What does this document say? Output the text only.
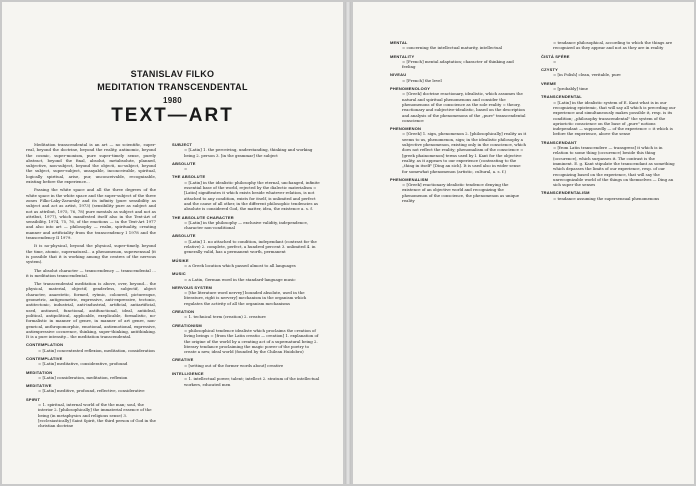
STANISLAV FILKO
MEDITATION TRANSCENDENTAL
1980
TEXT—ART

Meditation transcendental is an art — no scientific, super-real, beyond the doctrine, beyond the reality, antinomic, beyond the cosmic, super-monism, pure super-timely sense, purely abstract, beyond the final, absolut, metabsolute, planned, subjective, non-subject, beyond the objecti, no-subject, beyond the subject, super-subject, unsayable, inconceivable, spiritual, logically spiritual, arise, pur, unconceivable, recognizable, existing before the experience...

Passing the white space and all the three degrees of the white space in the white space and the super-subject of the three zones Filko-Laky-Zavarský and its infinity (pure sensibility as subject and act as artist, 1973) (sensibility pure as subject and not as attribut, 1975, 76, 78) pure mentals as subject and not as attribut, 1977), which manifested itself also in the Text-Art of sensibility, 1974, 75, 76, of the emotions — in the Text-Art 1977 and also into art — philosophy — realm, spirituality, creating manner and artificiality from the transcendency I 1978 and the transcendency II 1979.

It is no-physical, beyond the physical, super-timely, beyond the time, atomic, supernatural... a phenomenon, supersensual (it is possible that it is working among the centres of the nervous system).

The absolut character — transcendency — transcendental ... it is meditation transcendental.

The transcendental meditation is above, over, beyond... the physical, material, objectif, genderless, subjectif, abject character, anaestetic, formed, rytmic, coloured, picturesque, geometric, antigeometric, expressive, anti-expressive, tectonic, antitectonic, industrial, anti-industrial, artificial, antiartificial, used, antiused, functional, antifunctional, ideal, antiideal, political, antipolitical, applicable, exeplicable, formalistic, no-formalistic in manner of genre, in manner of art genre, non-genrical, anthropomorphic, emotional, antiemotional, expressive, antiexpressive occurence, thinking, super-thinking, antithinking. It is a pure intensity... the meditation transcendental.

CONTEMPLATION
= [Latin] concentrated reflexion, meditation, consideration
CONTEMPLATIVE
= [Latin] meditative, considerative, profound
MEDITATION
= [Latin] consideration, meditation, reflexion
MEDITATIVE
= [Latin] meditive, profound, reflective, considerative
SPIRIT
= 1. spiritual, internal world of the the man; soul, the interior 2. [philosophically] the immaterial essence of the being (in metaphysics and religious sense) 3. [ecclesiastically] Saint Spirit, the third person of God in the christian doctrine
SUBJECT
= [Latin] 1. the perceiving, understanding, thinking and working being 2. person 3. [in the grammar] the subject
ABSOLUTE
=
THE ABSOLUTE
= [Latin] in the idealistic philosophy the eternal, unchanged, infinite essential base of the world, rejected by the dialectic materialism = [Latin] signifieates it which exists beside whatever relation, is not attached to any condition, exists for itself, is unlimited and perfect and the cause of all other, in the different philosophic tendencies as absolute is considered God, the matter, idea, the existence a. s. f.
THE ABSOLUTE CHARACTER
= [Latin] in the philosophy — exclusive validity, independence, character non-conditional
ABSOLUTE
= [Latin] 1. no attached to condition, independant (contrast for the relative) 2. complete, perfect, a hundred percent 3. unlimited 4. in generally valid, has a permanent worth, permanent
MÚSIKE
= a Greek location which passed almost to all languages
MUSIC
= a Latin, German word in the standard-language music
NERVOUS SYSTEM
= [the literature word nervey] bounded absolute, used in the literature, right is nervery] mechanism in the organism which regulates the activity of all the organism mechanisms
CREATION
= 1. technical term (creation) 2. creature
CREATIONISM
= philosophical tendence idealiste which proclaims the creation of living beings = [from the Latin creatio — creation] 1. explanation of the origine of the world by a creating act of a supernatural being 2. literary tendance proclaiming the magic power of the poetry to create a new, ideal world (founded by the Chilean Huidobro)
CREATIVE
= [setting out of the former words about] creative
INTELLIGENCE
= 1. intellectual power, talent; intellect 2. stratum of the intellectual workers, educated men
MENTAL
= concerning the intellectual maturity, intellectual
MENTALITY
= [French] mental adaptation; character of thinking and feeling
NIVEAU
= [French] the level
PHENOMENOLOGY
= [Greek] doctrine reactionary, idealistic, which assumes the natural and spiritual phenomenons and consider the phenomenons of the conscience as the sole reality = theory, reactionary and subjective-idealistic, based on the description and analysis of the phenomenons of the „pure" transcendental conscience
PHENOMENON
= [Greek] 1. sign, phenomenon 2. [philosophically] reality as it seems to us, phenomenon, sign; in the idealistic philosophy a subjective phenomenon, existing only in the conscience, which does not reflect the reality; phenomalism of the conscience = [greek phainomenon] terms used by I. Kant for the objective reality, as it appears to our experience (contrasting to the „thing in itself" [Ding an sich]. It is used also in wider sense for somewhat phenomenon (artistic, cultural, a. s. f.)
PHENOMENALISM
= [Greek] reactionary idealistic tendence denying the existence of an objective world and recognizing the phenomenon of the conscience, the phenomenon as unique reality
= tendance philosophical, according to which the things are recognized as they appear and not as they are in reality
ČISTÁ SFÉRE
=
CZYSTY
= [in Polish] clean, veritable, pure
VREME
= [probably] time
TRANSCENDENTAL
= [Latin] in the idealistic system of E. Kant what is in our recognizing epistemic, that will say all which is preceding our experience and simultaneously makes possible it, resp. is its condition; „philosophy transcendental" the system of the apriorictic conscience on the base of „pure" notions independant — supposedly — of the experience = it which is before the experience, above the sense
TRANSCENDANT
= [from Latin transcendere — transgress] it which is in relation to some thing (occurence) beside this thing (occurence), which surpasses it. The contrast is the imminent. E. g. Kant stipulate the transcendant as something which depasses the limits of our experience, resp. of our recognizing based on the experience, that will say the unrecognizable world of the things on themselves — Ding an sich super the senses
TRANSCENDENTALISM
= tendance assuming the supersensual phenomenons
